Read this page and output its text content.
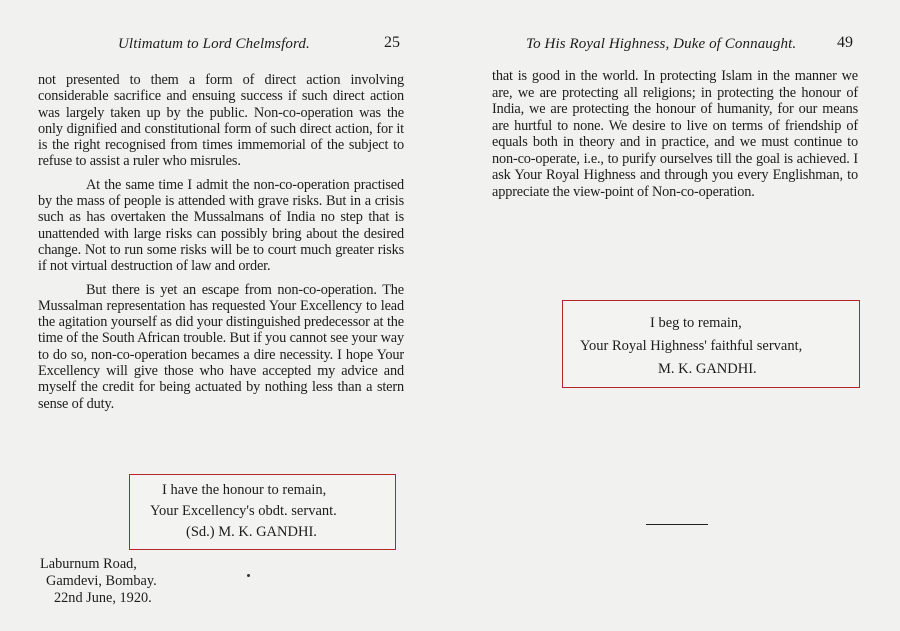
Ultimatum to Lord Chelmsford.	25

not presented to them a form of direct action involving considerable sacrifice and ensuing success if such direct action was largely taken up by the public. Non-co-operation was the only dignified and constitutional form of such direct action, for it is the right recognised from times immemorial of the subject to refuse to assist a ruler who misrules.

At the same time I admit the non-co-operation practised by the mass of people is attended with grave risks. But in a crisis such as has overtaken the Mussalmans of India no step that is unattended with large risks can possibly bring about the desired change. Not to run some risks will be to court much greater risks if not virtual destruction of law and order.

But there is yet an escape from non-co-operation. The Mussalman representation has requested Your Excellency to lead the agitation yourself as did your distinguished predecessor at the time of the South African trouble. But if you cannot see your way to do so, non-co-operation becames a dire necessity. I hope Your Excellency will give those who have accepted my advice and myself the credit for being actuated by nothing less than a stern sense of duty.

I have the honour to remain,
Your Excellency's obdt. servant.
(Sd.) M. K. GANDHI.
Laburnum Road,
Gamdevi, Bombay.
22nd June, 1920.
To His Royal Highness, Duke of Connaught.	49

that is good in the world. In protecting Islam in the manner we are, we are protecting all religions; in protecting the honour of India, we are protecting the honour of humanity, for our means are hurtful to none. We desire to live on terms of friendship of equals both in theory and in practice, and we must continue to non-co-operate, i.e., to purify ourselves till the goal is achieved. I ask Your Royal Highness and through you every Englishman, to appreciate the view-point of Non-co-operation.

I beg to remain,
Your Royal Highness' faithful servant,
M. K. GANDHI.
